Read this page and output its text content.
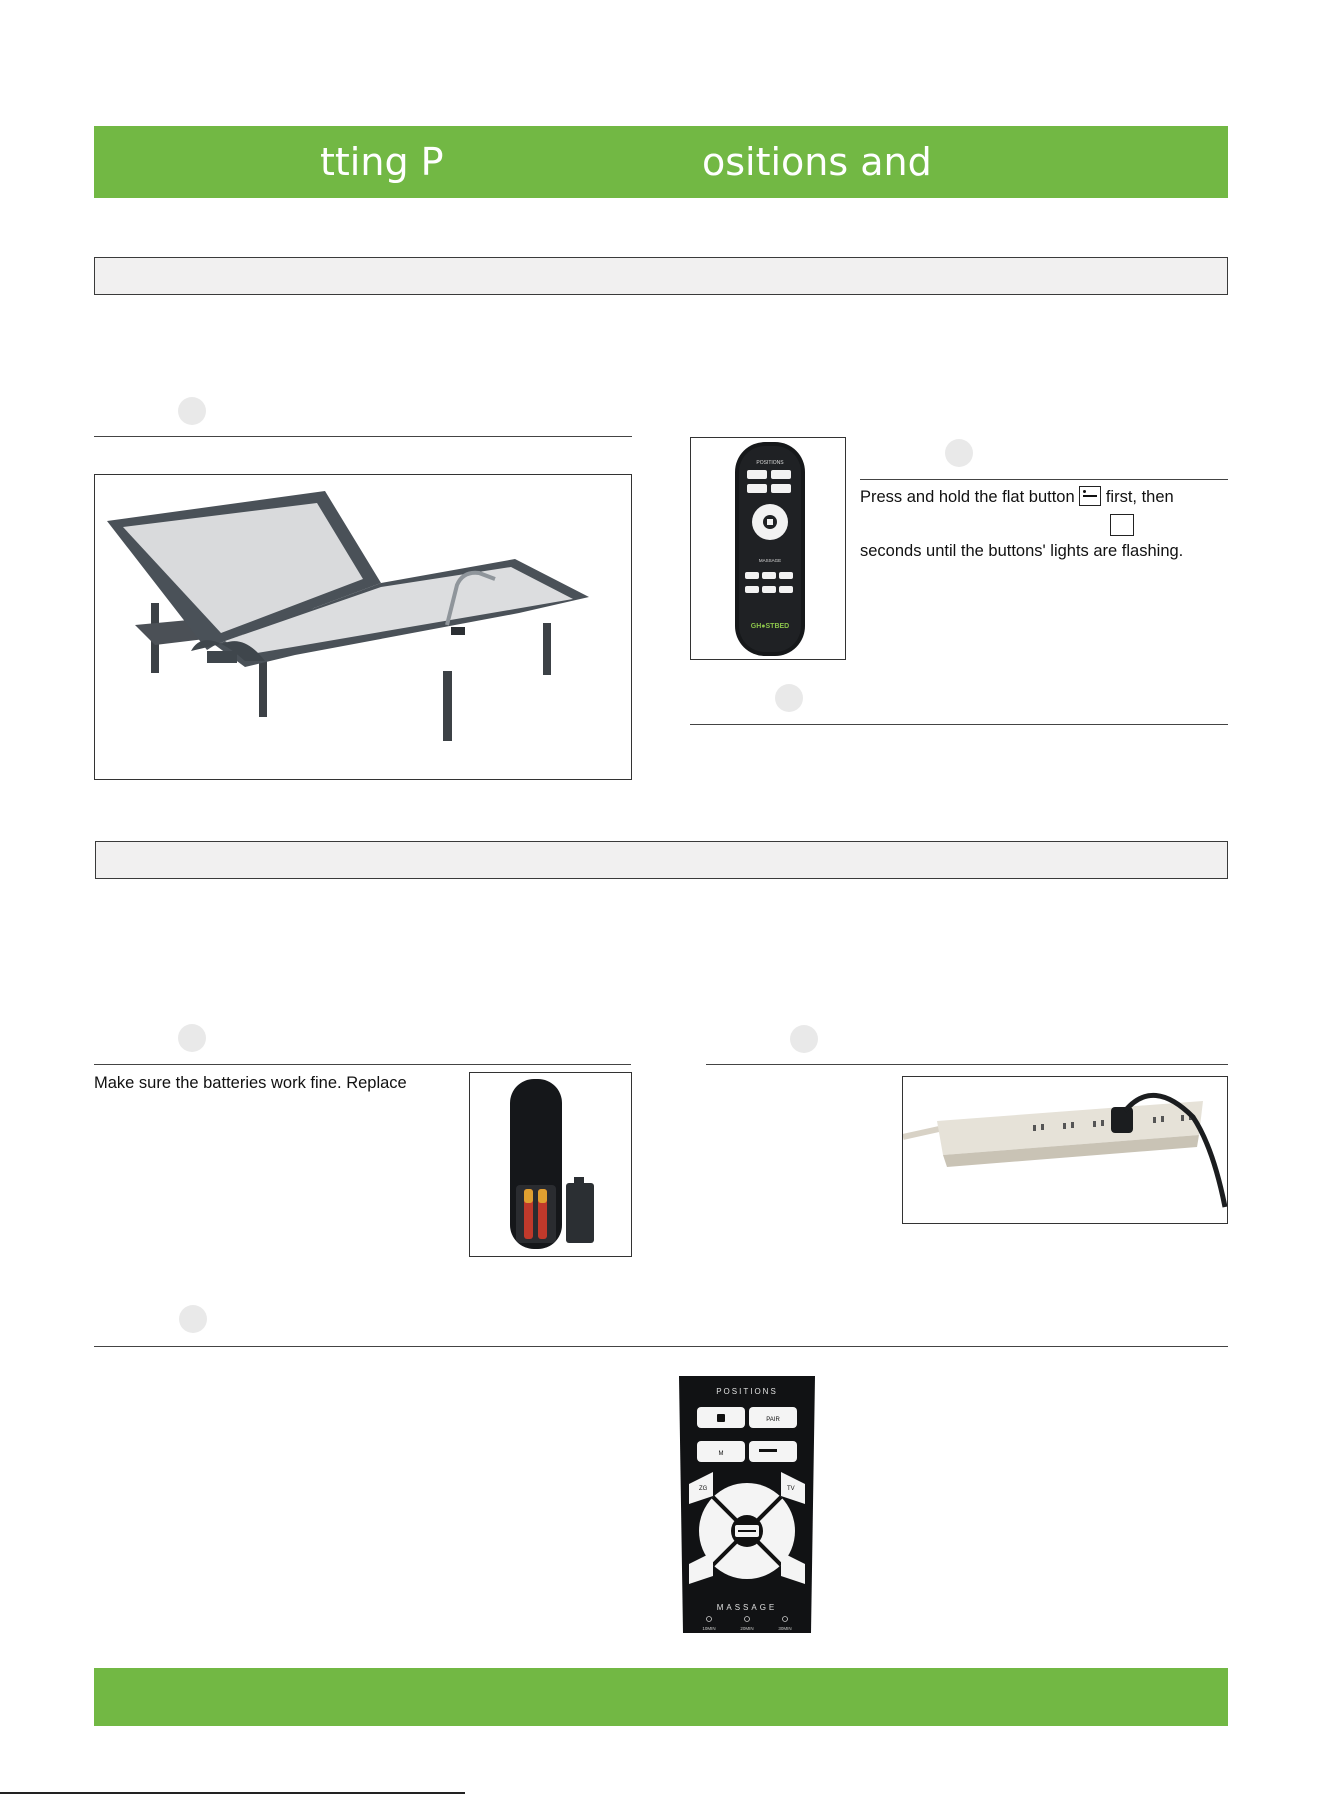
tting P	ositions and
POSITIONS
MASSAGE
GH●STBED
Press and hold the flat button first, then
seconds until the buttons' lights are flashing.
Make sure the batteries work fine. Replace
POSITIONS
PAIR
M
ZG	TV
MASSAGE
10MIN	20MIN	30MIN
